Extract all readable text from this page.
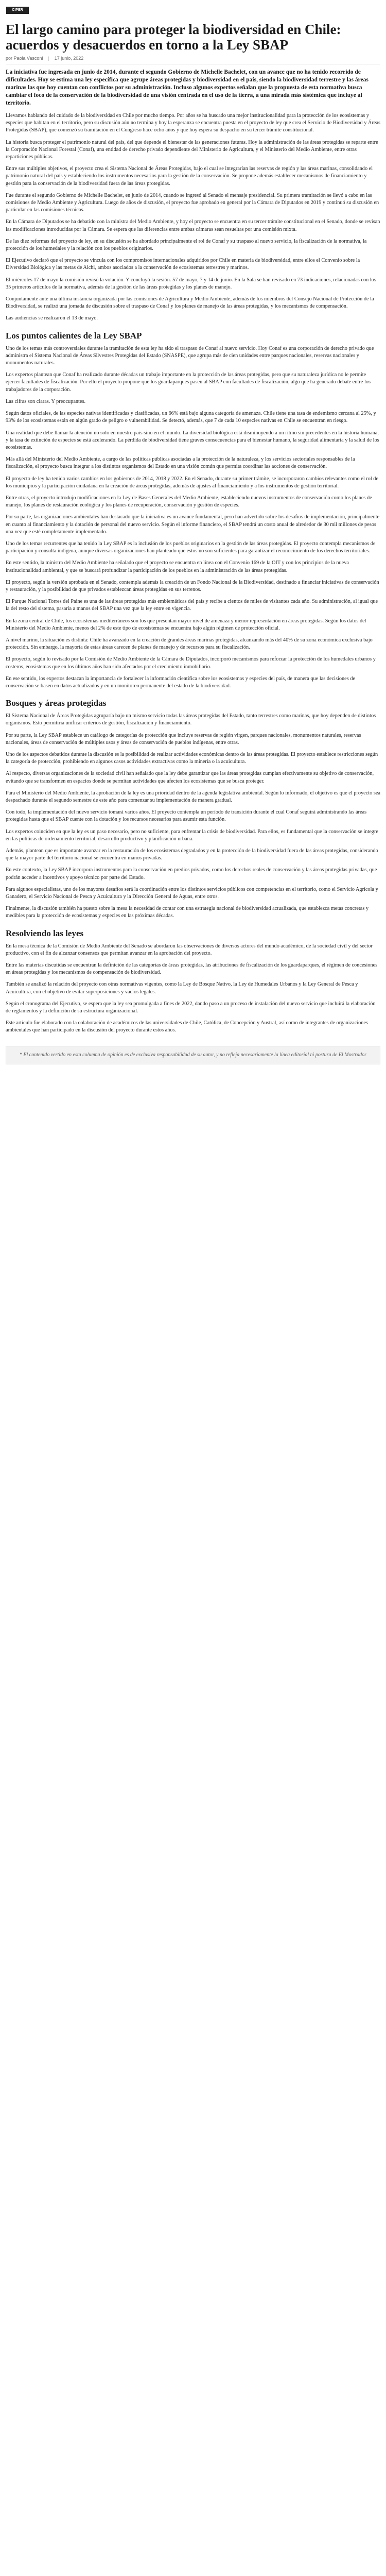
CIPER
El largo camino para proteger la biodiversidad en Chile: acuerdos y desacuerdos en torno a la Ley SBAP
por Paola Vasconi | 17 junio, 2022

La iniciativa fue ingresada en junio de 2014, durante el segundo Gobierno de Michelle Bachelet, con un avance que no ha tenido recorrido de dificultades. Hoy se estima una ley específica que agrupe áreas protegidas y biodiversidad en el país, siendo la biodiversidad terrestre y las áreas marinas las que hoy cuentan con conflictos por su administración. Incluso algunos expertos señalan que la propuesta de esta normativa busca cambiar el foco de la conservación de la biodiversidad de una visión centrada en el uso de la tierra, a una mirada más sistémica que incluye al territorio.

Llevamos hablando del cuidado de la biodiversidad en Chile por mucho tiempo. Por años se ha buscado una mejor institucionalidad para la protección de los ecosistemas y especies que habitan en el territorio, pero su discusión aún no termina y hoy la esperanza se encuentra puesta en el proyecto de ley que crea el Servicio de Biodiversidad y Áreas Protegidas (SBAP), que comenzó su tramitación en el Congreso hace ocho años y que hoy espera su despacho en su tercer trámite constitucional.

La historia busca proteger el patrimonio natural del país, del que depende el bienestar de las generaciones futuras. Hoy la administración de las áreas protegidas se reparte entre la Corporación Nacional Forestal (Conaf), una entidad de derecho privado dependiente del Ministerio de Agricultura, y el Ministerio del Medio Ambiente, entre otras reparticiones públicas.

Entre sus múltiples objetivos, el proyecto crea el Sistema Nacional de Áreas Protegidas, bajo el cual se integrarían las reservas de región y las áreas marinas, consolidando el patrimonio natural del país y estableciendo los instrumentos necesarios para la gestión de la conservación. Se propone además establecer mecanismos de financiamiento y gestión para la conservación de la biodiversidad fuera de las áreas protegidas.

Fue durante el segundo Gobierno de Michelle Bachelet, en junio de 2014, cuando se ingresó al Senado el mensaje presidencial. Su primera tramitación se llevó a cabo en las comisiones de Medio Ambiente y Agricultura. Luego de años de discusión, el proyecto fue aprobado en general por la Cámara de Diputados en 2019 y continuó su discusión en particular en las comisiones técnicas.

En la Cámara de Diputados se ha debatido con la ministra del Medio Ambiente, y hoy el proyecto se encuentra en su tercer trámite constitucional en el Senado, donde se revisan las modificaciones introducidas por la Cámara. Se espera que las diferencias entre ambas cámaras sean resueltas por una comisión mixta.

De las diez reformas del proyecto de ley, en su discusión se ha abordado principalmente el rol de Conaf y su traspaso al nuevo servicio, la fiscalización de la normativa, la protección de los humedales y la relación con los pueblos originarios.

El Ejecutivo declaró que el proyecto se vincula con los compromisos internacionales adquiridos por Chile en materia de biodiversidad, entre ellos el Convenio sobre la Diversidad Biológica y las metas de Aichi, ambos asociados a la conservación de ecosistemas terrestres y marinos.

El miércoles 17 de mayo la comisión revisó la votación. Y concluyó la sesión. 57 de mayo, 7 y 14 de junio. En la Sala se han revisado en 73 indicaciones, relacionadas con los 35 primeros artículos de la normativa, además de la gestión de las áreas protegidas y los planes de manejo.

Conjuntamente ante una última instancia organizada por las comisiones de Agricultura y Medio Ambiente, además de los miembros del Consejo Nacional de Protección de la Biodiversidad, se realizó una jornada de discusión sobre el traspaso de Conaf y los planes de manejo de las áreas protegidas, y los mecanismos de compensación.

Las audiencias se realizaron el 13 de mayo.

Los puntos calientes de la Ley SBAP

Uno de los temas más controversiales durante la tramitación de esta ley ha sido el traspaso de Conaf al nuevo servicio. Hoy Conaf es una corporación de derecho privado que administra el Sistema Nacional de Áreas Silvestres Protegidas del Estado (SNASPE), que agrupa más de cien unidades entre parques nacionales, reservas nacionales y monumentos naturales.

Los expertos plantean que Conaf ha realizado durante décadas un trabajo importante en la protección de las áreas protegidas, pero que su naturaleza jurídica no le permite ejercer facultades de fiscalización. Por ello el proyecto propone que los guardaparques pasen al SBAP con facultades de fiscalización, algo que ha generado debate entre los trabajadores de la corporación.

Las cifras son claras. Y preocupantes.

Según datos oficiales, de las especies nativas identificadas y clasificadas, un 66% está bajo alguna categoría de amenaza. Chile tiene una tasa de endemismo cercana al 25%, y 93% de los ecosistemas están en algún grado de peligro o vulnerabilidad. Se detectó, además, que 7 de cada 10 especies nativas en Chile se encuentran en riesgo.

Una realidad que debe llamar la atención no solo en nuestro país sino en el mundo. La diversidad biológica está disminuyendo a un ritmo sin precedentes en la historia humana, y la tasa de extinción de especies se está acelerando. La pérdida de biodiversidad tiene graves consecuencias para el bienestar humano, la seguridad alimentaria y la salud de los ecosistemas.

Más allá del Ministerio del Medio Ambiente, a cargo de las políticas públicas asociadas a la protección de la naturaleza, y los servicios sectoriales responsables de la fiscalización, el proyecto busca integrar a los distintos organismos del Estado en una visión común que permita coordinar las acciones de conservación.

El proyecto de ley ha tenido varios cambios en los gobiernos de 2014, 2018 y 2022. En el Senado, durante su primer trámite, se incorporaron cambios relevantes como el rol de los municipios y la participación ciudadana en la creación de áreas protegidas, además de ajustes al financiamiento y a los instrumentos de gestión territorial.

Entre otras, el proyecto introdujo modificaciones en la Ley de Bases Generales del Medio Ambiente, estableciendo nuevos instrumentos de conservación como los planes de manejo, los planes de restauración ecológica y los planes de recuperación, conservación y gestión de especies.

Por su parte, las organizaciones ambientales han destacado que la iniciativa es un avance fundamental, pero han advertido sobre los desafíos de implementación, principalmente en cuanto al financiamiento y la dotación de personal del nuevo servicio. Según el informe financiero, el SBAP tendrá un costo anual de alrededor de 30 mil millones de pesos una vez que esté completamente implementado.

Uno de los temas recurrentes que ha tenido la Ley SBAP es la inclusión de los pueblos originarios en la gestión de las áreas protegidas. El proyecto contempla mecanismos de participación y consulta indígena, aunque diversas organizaciones han planteado que estos no son suficientes para garantizar el reconocimiento de los derechos territoriales.

En este sentido, la ministra del Medio Ambiente ha señalado que el proyecto se encuentra en línea con el Convenio 169 de la OIT y con los principios de la nueva institucionalidad ambiental, y que se buscará profundizar la participación de los pueblos en la administración de las áreas protegidas.

El proyecto, según la versión aprobada en el Senado, contempla además la creación de un Fondo Nacional de la Biodiversidad, destinado a financiar iniciativas de conservación y restauración, y la posibilidad de que privados establezcan áreas protegidas en sus terrenos.

El Parque Nacional Torres del Paine es una de las áreas protegidas más emblemáticas del país y recibe a cientos de miles de visitantes cada año. Su administración, al igual que la del resto del sistema, pasaría a manos del SBAP una vez que la ley entre en vigencia.

En la zona central de Chile, los ecosistemas mediterráneos son los que presentan mayor nivel de amenaza y menor representación en áreas protegidas. Según los datos del Ministerio del Medio Ambiente, menos del 2% de este tipo de ecosistemas se encuentra bajo algún régimen de protección oficial.

A nivel marino, la situación es distinta: Chile ha avanzado en la creación de grandes áreas marinas protegidas, alcanzando más del 40% de su zona económica exclusiva bajo protección. Sin embargo, la mayoría de estas áreas carecen de planes de manejo y de recursos para su fiscalización.

El proyecto, según lo revisado por la Comisión de Medio Ambiente de la Cámara de Diputados, incorporó mecanismos para reforzar la protección de los humedales urbanos y costeros, ecosistemas que en los últimos años han sido afectados por el crecimiento inmobiliario.

En ese sentido, los expertos destacan la importancia de fortalecer la información científica sobre los ecosistemas y especies del país, de manera que las decisiones de conservación se basen en datos actualizados y en un monitoreo permanente del estado de la biodiversidad.

Bosques y áreas protegidas

El Sistema Nacional de Áreas Protegidas agruparía bajo un mismo servicio todas las áreas protegidas del Estado, tanto terrestres como marinas, que hoy dependen de distintos organismos. Esto permitiría unificar criterios de gestión, fiscalización y financiamiento.

Por su parte, la Ley SBAP establece un catálogo de categorías de protección que incluye reservas de región virgen, parques nacionales, monumentos naturales, reservas nacionales, áreas de conservación de múltiples usos y áreas de conservación de pueblos indígenas, entre otras.

Uno de los aspectos debatidos durante la discusión es la posibilidad de realizar actividades económicas dentro de las áreas protegidas. El proyecto establece restricciones según la categoría de protección, prohibiendo en algunos casos actividades extractivas como la minería o la acuicultura.

Al respecto, diversas organizaciones de la sociedad civil han señalado que la ley debe garantizar que las áreas protegidas cumplan efectivamente su objetivo de conservación, evitando que se transformen en espacios donde se permitan actividades que afecten los ecosistemas que se busca proteger.

Para el Ministerio del Medio Ambiente, la aprobación de la ley es una prioridad dentro de la agenda legislativa ambiental. Según lo informado, el objetivo es que el proyecto sea despachado durante el segundo semestre de este año para comenzar su implementación de manera gradual.

Con todo, la implementación del nuevo servicio tomará varios años. El proyecto contempla un período de transición durante el cual Conaf seguirá administrando las áreas protegidas hasta que el SBAP cuente con la dotación y los recursos necesarios para asumir esta función.

Los expertos coinciden en que la ley es un paso necesario, pero no suficiente, para enfrentar la crisis de biodiversidad. Para ellos, es fundamental que la conservación se integre en las políticas de ordenamiento territorial, desarrollo productivo y planificación urbana.

Además, plantean que es importante avanzar en la restauración de los ecosistemas degradados y en la protección de la biodiversidad fuera de las áreas protegidas, considerando que la mayor parte del territorio nacional se encuentra en manos privadas.

En este contexto, la Ley SBAP incorpora instrumentos para la conservación en predios privados, como los derechos reales de conservación y las áreas protegidas privadas, que podrán acceder a incentivos y apoyo técnico por parte del Estado.

Para algunos especialistas, uno de los mayores desafíos será la coordinación entre los distintos servicios públicos con competencias en el territorio, como el Servicio Agrícola y Ganadero, el Servicio Nacional de Pesca y Acuicultura y la Dirección General de Aguas, entre otros.

Finalmente, la discusión también ha puesto sobre la mesa la necesidad de contar con una estrategia nacional de biodiversidad actualizada, que establezca metas concretas y medibles para la protección de ecosistemas y especies en las próximas décadas.

Resolviendo las leyes

En la mesa técnica de la Comisión de Medio Ambiente del Senado se abordaron las observaciones de diversos actores del mundo académico, de la sociedad civil y del sector productivo, con el fin de alcanzar consensos que permitan avanzar en la aprobación del proyecto.

Entre las materias discutidas se encuentran la definición de las categorías de áreas protegidas, las atribuciones de fiscalización de los guardaparques, el régimen de concesiones en áreas protegidas y los mecanismos de compensación de biodiversidad.

También se analizó la relación del proyecto con otras normativas vigentes, como la Ley de Bosque Nativo, la Ley de Humedales Urbanos y la Ley General de Pesca y Acuicultura, con el objetivo de evitar superposiciones y vacíos legales.

Según el cronograma del Ejecutivo, se espera que la ley sea promulgada a fines de 2022, dando paso a un proceso de instalación del nuevo servicio que incluirá la elaboración de reglamentos y la definición de su estructura organizacional.

Este artículo fue elaborado con la colaboración de académicos de las universidades de Chile, Católica, de Concepción y Austral, así como de integrantes de organizaciones ambientales que han participado en la discusión del proyecto durante estos años.

* El contenido vertido en esta columna de opinión es de exclusiva responsabilidad de su autor, y no refleja necesariamente la línea editorial ni postura de El Mostrador
